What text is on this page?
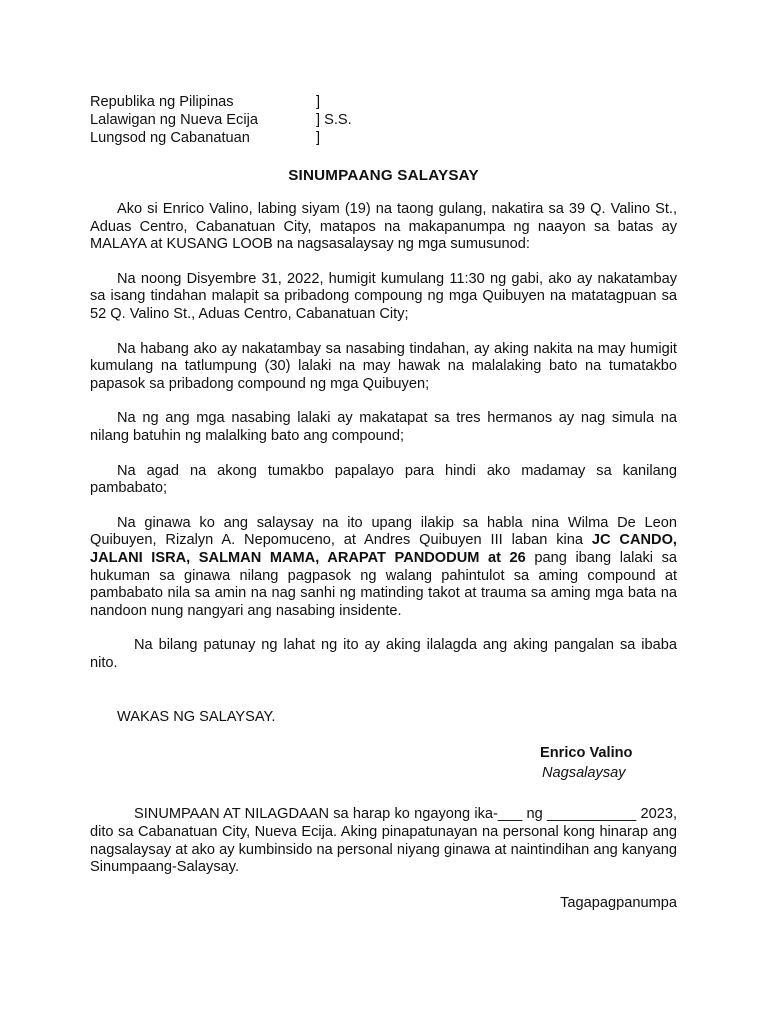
Republika ng Pilipinas	]
Lalawigan ng Nueva Ecija	] S.S.
Lungsod ng Cabanatuan	]
SINUMPAANG SALAYSAY

Ako si Enrico Valino, labing siyam (19) na taong gulang, nakatira sa 39 Q. Valino St., Aduas Centro, Cabanatuan City, matapos na makapanumpa ng naayon sa batas ay MALAYA at KUSANG LOOB na nagsasalaysay ng mga sumusunod:

Na noong Disyembre 31, 2022, humigit kumulang 11:30 ng gabi, ako ay nakatambay sa isang tindahan malapit sa pribadong compoung ng mga Quibuyen na matatagpuan sa 52 Q. Valino St., Aduas Centro, Cabanatuan City;

Na habang ako ay nakatambay sa nasabing tindahan, ay aking nakita na may humigit kumulang na tatlumpung (30) lalaki na may hawak na malalaking bato na tumatakbo papasok sa pribadong compound ng mga Quibuyen;

Na ng ang mga nasabing lalaki ay makatapat sa tres hermanos ay nag simula na nilang batuhin ng malalking bato ang compound;

Na agad na akong tumakbo papalayo para hindi ako madamay sa kanilang pambabato;

Na ginawa ko ang salaysay na ito upang ilakip sa habla nina Wilma De Leon Quibuyen, Rizalyn A. Nepomuceno, at Andres Quibuyen III laban kina JC CANDO, JALANI ISRA, SALMAN MAMA, ARAPAT PANDODUM at 26 pang ibang lalaki sa hukuman sa ginawa nilang pagpasok ng walang pahintulot sa aming compound at pambabato nila sa amin na nag sanhi ng matinding takot at trauma sa aming mga bata na nandoon nung nangyari ang nasabing insidente.

Na bilang patunay ng lahat ng ito ay aking ilalagda ang aking pangalan sa ibaba nito.

WAKAS NG SALAYSAY.
Enrico Valino
Nagsalaysay

SINUMPAAN AT NILAGDAAN sa harap ko ngayong ika-___ ng ___________ 2023, dito sa Cabanatuan City, Nueva Ecija. Aking pinapatunayan na personal kong hinarap ang nagsalaysay at ako ay kumbinsido na personal niyang ginawa at naintindihan ang kanyang Sinumpaang-Salaysay.

Tagapagpanumpa
